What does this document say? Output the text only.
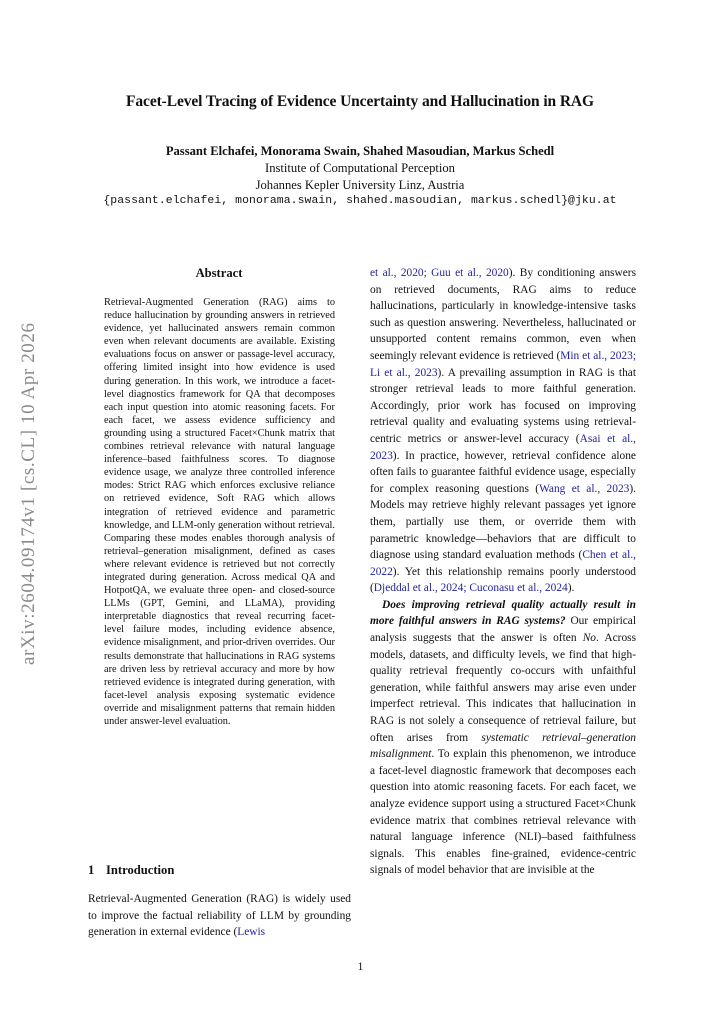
arXiv:2604.09174v1 [cs.CL] 10 Apr 2026
Facet-Level Tracing of Evidence Uncertainty and Hallucination in RAG
Passant Elchafei, Monorama Swain, Shahed Masoudian, Markus Schedl
Institute of Computational Perception
Johannes Kepler University Linz, Austria
{passant.elchafei, monorama.swain, shahed.masoudian, markus.schedl}@jku.at
Abstract
Retrieval-Augmented Generation (RAG) aims to reduce hallucination by grounding answers in retrieved evidence, yet hallucinated answers remain common even when relevant documents are available. Existing evaluations focus on answer or passage-level accuracy, offering limited insight into how evidence is used during generation. In this work, we introduce a facet-level diagnostics framework for QA that decomposes each input question into atomic reasoning facets. For each facet, we assess evidence sufficiency and grounding using a structured Facet×Chunk matrix that combines retrieval relevance with natural language inference–based faithfulness scores. To diagnose evidence usage, we analyze three controlled inference modes: Strict RAG which enforces exclusive reliance on retrieved evidence, Soft RAG which allows integration of retrieved evidence and parametric knowledge, and LLM-only generation without retrieval. Comparing these modes enables thorough analysis of retrieval–generation misalignment, defined as cases where relevant evidence is retrieved but not correctly integrated during generation. Across medical QA and HotpotQA, we evaluate three open- and closed-source LLMs (GPT, Gemini, and LLaMA), providing interpretable diagnostics that reveal recurring facet-level failure modes, including evidence absence, evidence misalignment, and prior-driven overrides. Our results demonstrate that hallucinations in RAG systems are driven less by retrieval accuracy and more by how retrieved evidence is integrated during generation, with facet-level analysis exposing systematic evidence override and misalignment patterns that remain hidden under answer-level evaluation.
1 Introduction
Retrieval-Augmented Generation (RAG) is widely used to improve the factual reliability of LLM by grounding generation in external evidence (Lewis

et al., 2020; Guu et al., 2020). By conditioning answers on retrieved documents, RAG aims to reduce hallucinations, particularly in knowledge-intensive tasks such as question answering. Nevertheless, hallucinated or unsupported content remains common, even when seemingly relevant evidence is retrieved (Min et al., 2023; Li et al., 2023). A prevailing assumption in RAG is that stronger retrieval leads to more faithful generation. Accordingly, prior work has focused on improving retrieval quality and evaluating systems using retrieval-centric metrics or answer-level accuracy (Asai et al., 2023). In practice, however, retrieval confidence alone often fails to guarantee faithful evidence usage, especially for complex reasoning questions (Wang et al., 2023). Models may retrieve highly relevant passages yet ignore them, partially use them, or override them with parametric knowledge—behaviors that are difficult to diagnose using standard evaluation methods (Chen et al., 2022). Yet this relationship remains poorly understood (Djeddal et al., 2024; Cuconasu et al., 2024).

Does improving retrieval quality actually result in more faithful answers in RAG systems? Our empirical analysis suggests that the answer is often No. Across models, datasets, and difficulty levels, we find that high-quality retrieval frequently co-occurs with unfaithful generation, while faithful answers may arise even under imperfect retrieval. This indicates that hallucination in RAG is not solely a consequence of retrieval failure, but often arises from systematic retrieval–generation misalignment. To explain this phenomenon, we introduce a facet-level diagnostic framework that decomposes each question into atomic reasoning facets. For each facet, we analyze evidence support using a structured Facet×Chunk evidence matrix that combines retrieval relevance with natural language inference (NLI)–based faithfulness signals. This enables fine-grained, evidence-centric signals of model behavior that are invisible at the

1
